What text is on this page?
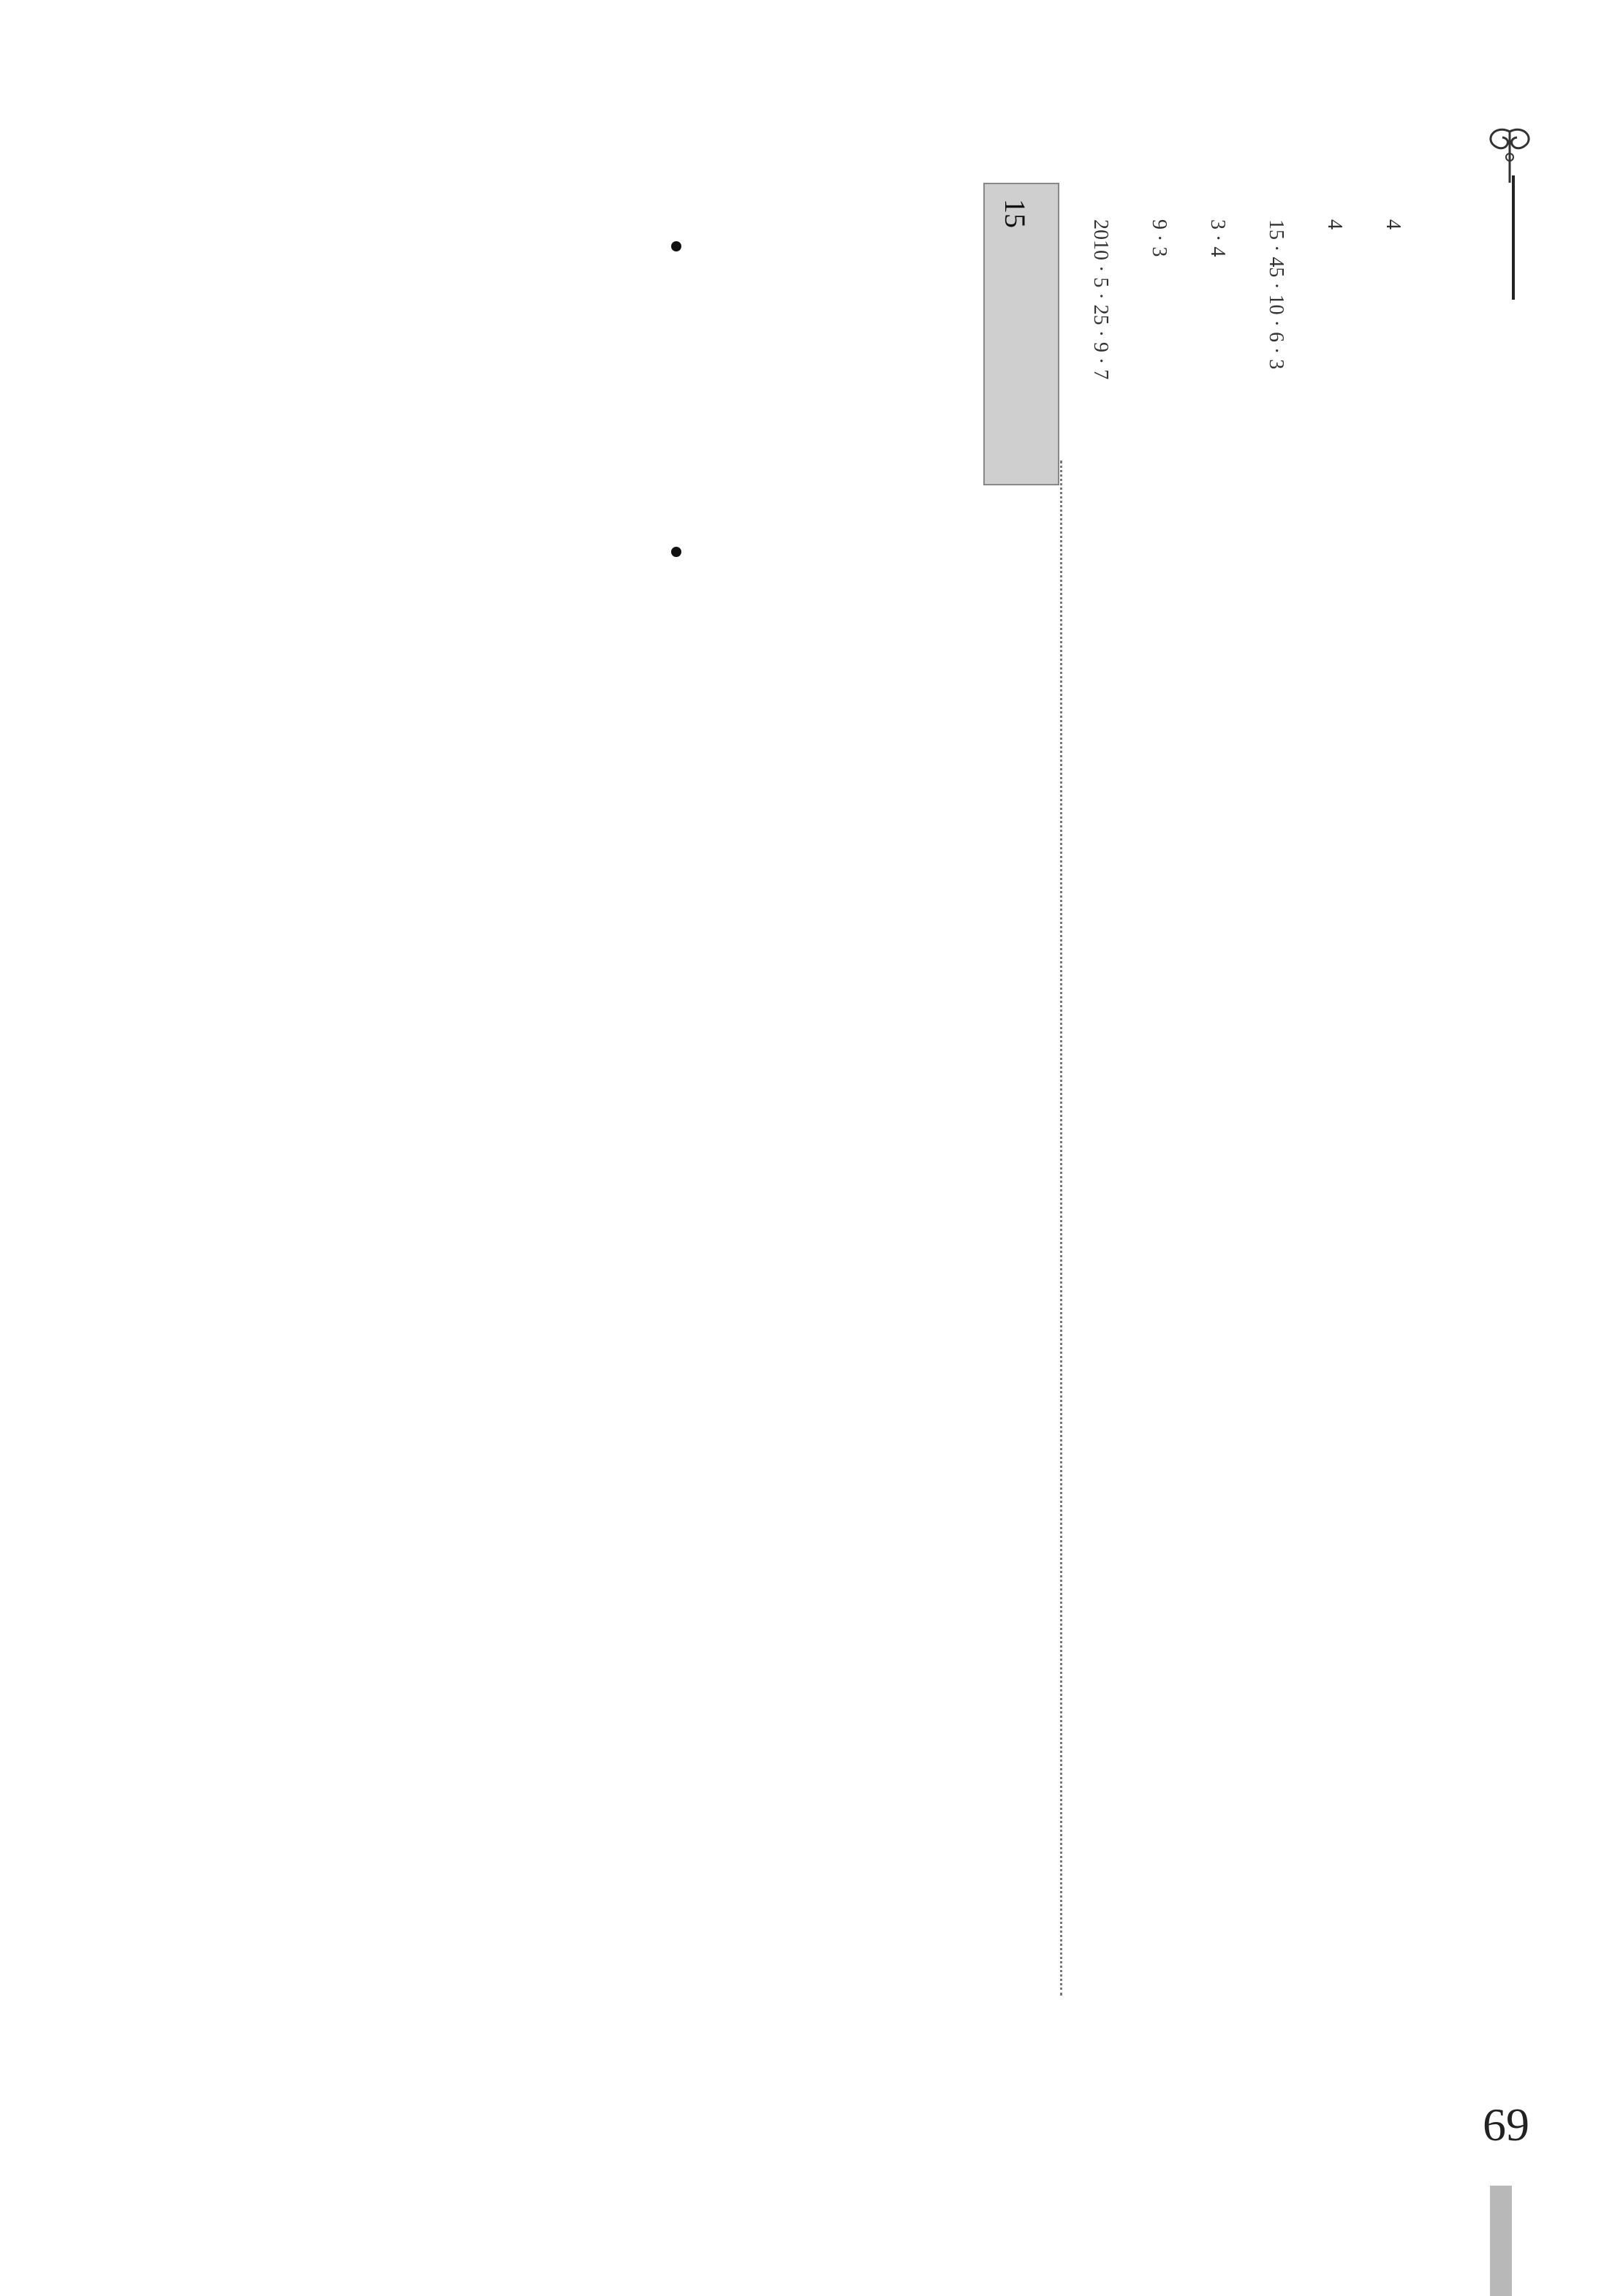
4
4
15 · 45 · 10 · 6 · 3
3 · 4
9 · 3
2010 · 5 · 25 · 9 · 7
15
69
